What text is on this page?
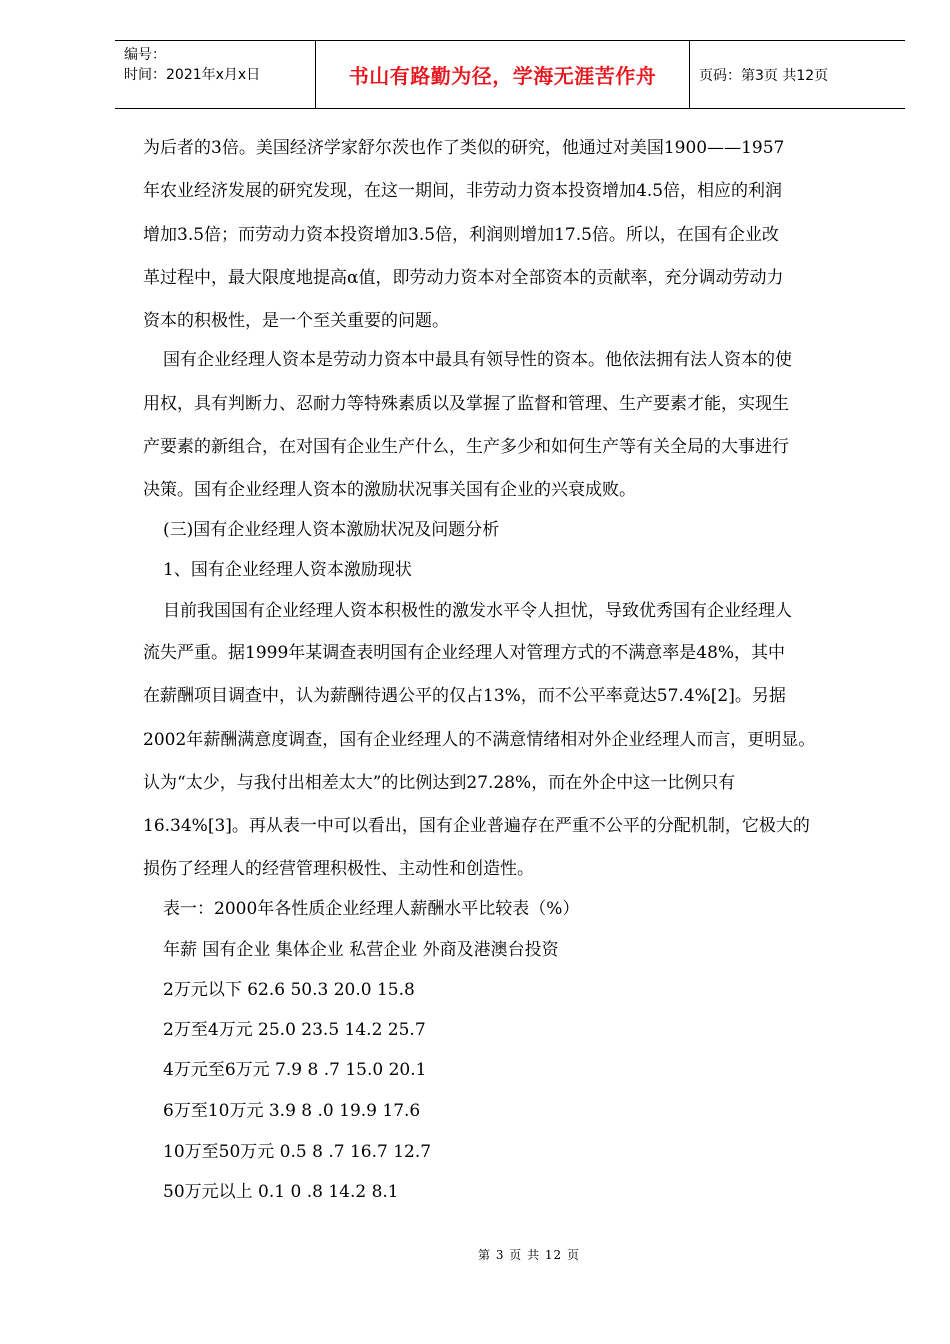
编号：
时间：2021年x月x日	书山有路勤为径，学海无涯苦作舟	页码：第3页 共12页
为后者的3倍。美国经济学家舒尔茨也作了类似的研究，他通过对美国1900——1957
年农业经济发展的研究发现，在这一期间，非劳动力资本投资增加4.5倍，相应的利润
增加3.5倍；而劳动力资本投资增加3.5倍，利润则增加17.5倍。所以，在国有企业改
革过程中，最大限度地提高α值，即劳动力资本对全部资本的贡献率，充分调动劳动力
资本的积极性，是一个至关重要的问题。
国有企业经理人资本是劳动力资本中最具有领导性的资本。他依法拥有法人资本的使
用权，具有判断力、忍耐力等特殊素质以及掌握了监督和管理、生产要素才能，实现生
产要素的新组合，在对国有企业生产什么，生产多少和如何生产等有关全局的大事进行
决策。国有企业经理人资本的激励状况事关国有企业的兴衰成败。
(三)国有企业经理人资本激励状况及问题分析
1、国有企业经理人资本激励现状
目前我国国有企业经理人资本积极性的激发水平令人担忧，导致优秀国有企业经理人
流失严重。据1999年某调查表明国有企业经理人对管理方式的不满意率是48%，其中
在薪酬项目调查中，认为薪酬待遇公平的仅占13%，而不公平率竟达57.4%[2]。另据
2002年薪酬满意度调查，国有企业经理人的不满意情绪相对外企业经理人而言，更明显。
认为“太少，与我付出相差太大”的比例达到27.28%，而在外企中这一比例只有
16.34%[3]。再从表一中可以看出，国有企业普遍存在严重不公平的分配机制，它极大的
损伤了经理人的经营管理积极性、主动性和创造性。
表一：2000年各性质企业经理人薪酬水平比较表（%）
年薪 国有企业 集体企业 私营企业 外商及港澳台投资
2万元以下 62.6 50.3 20.0 15.8
2万至4万元 25.0 23.5 14.2 25.7
4万元至6万元 7.9 8 .7 15.0 20.1
6万至10万元 3.9 8 .0 19.9 17.6
10万至50万元 0.5 8 .7 16.7 12.7
50万元以上 0.1 0 .8 14.2 8.1
第 3 页 共 12 页
